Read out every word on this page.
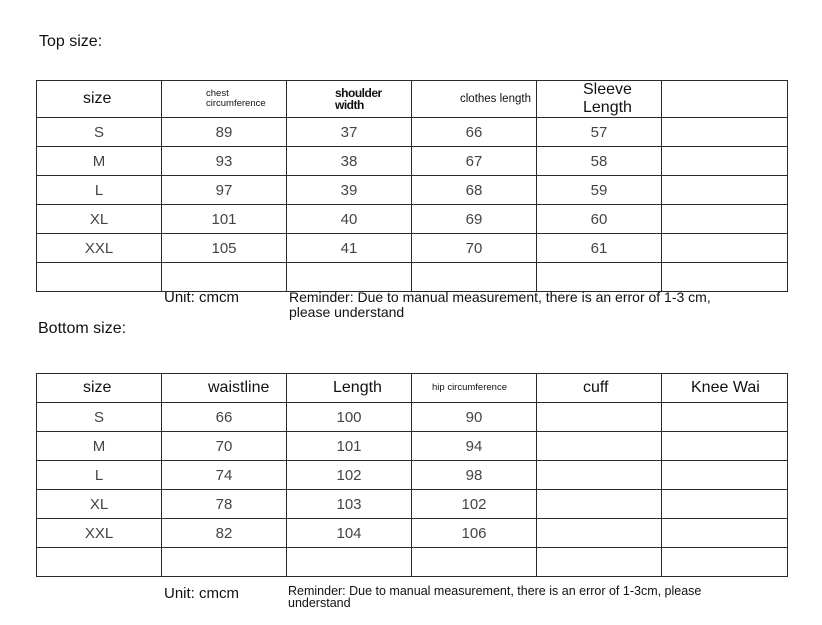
Top size:
size	chest circumference	shoulder width	clothes length	Sleeve Length	
S	89	37	66	57	
M	93	38	67	58	
L	97	39	68	59	
XL	101	40	69	60	
XXL	105	41	70	61	

Unit: cmcm	Reminder: Due to manual measurement, there is an error of 1-3 cm, please understand
Bottom size:
size	waistline	Length	hip circumference	cuff	Knee Wai
S	66	100	90		
M	70	101	94		
L	74	102	98		
XL	78	103	102		
XXL	82	104	106		

Unit: cmcm	Reminder: Due to manual measurement, there is an error of 1-3cm, please understand
